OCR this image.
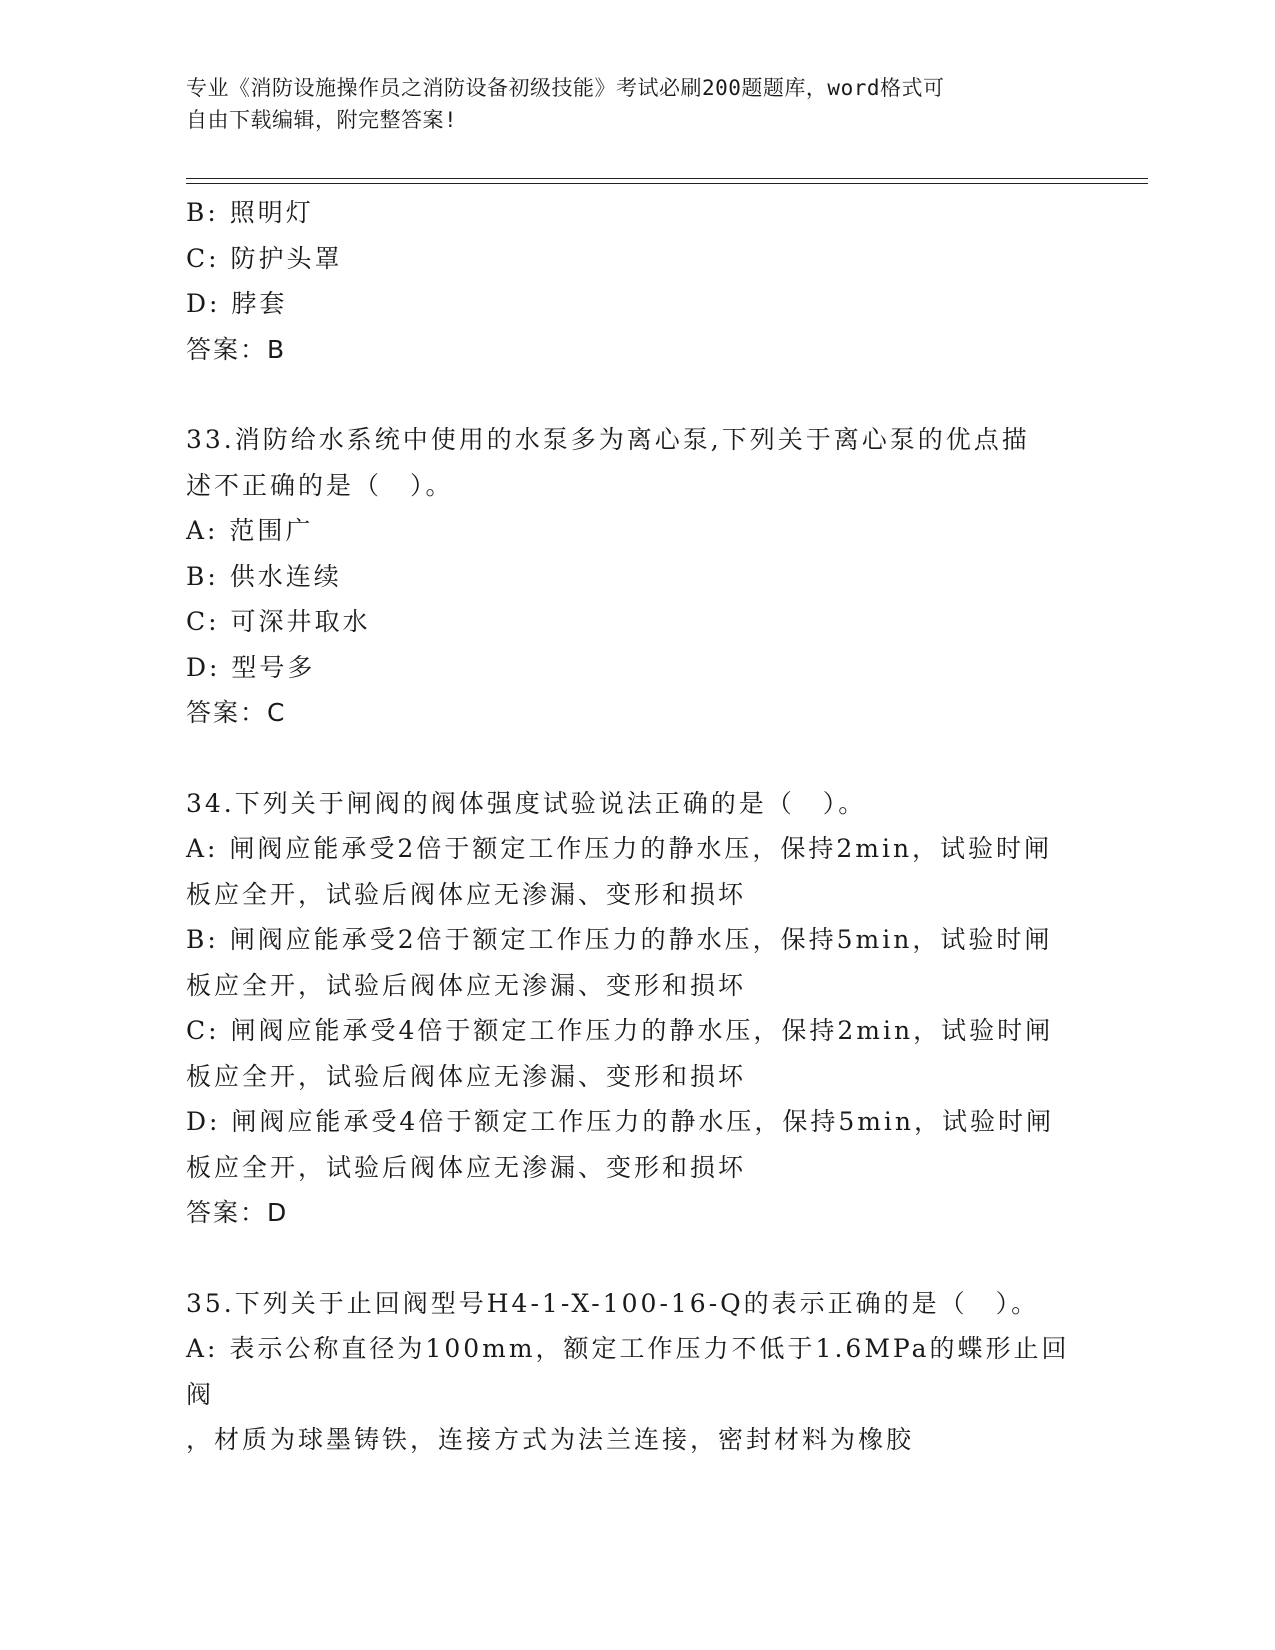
专业《消防设施操作员之消防设备初级技能》考试必刷200题题库，word格式可
自由下载编辑，附完整答案!
B: 照明灯
C: 防护头罩
D: 脖套
答案：B
33.消防给水系统中使用的水泵多为离心泵,下列关于离心泵的优点描
述不正确的是（　）。
A: 范围广
B: 供水连续
C: 可深井取水
D: 型号多
答案：C
34.下列关于闸阀的阀体强度试验说法正确的是（　）。
A: 闸阀应能承受2倍于额定工作压力的静水压，保持2min，试验时闸
板应全开，试验后阀体应无渗漏、变形和损坏
B: 闸阀应能承受2倍于额定工作压力的静水压，保持5min，试验时闸
板应全开，试验后阀体应无渗漏、变形和损坏
C: 闸阀应能承受4倍于额定工作压力的静水压，保持2min，试验时闸
板应全开，试验后阀体应无渗漏、变形和损坏
D: 闸阀应能承受4倍于额定工作压力的静水压，保持5min，试验时闸
板应全开，试验后阀体应无渗漏、变形和损坏
答案：D
35.下列关于止回阀型号H4-1-X-100-16-Q的表示正确的是（　）。
A: 表示公称直径为100mm，额定工作压力不低于1.6MPa的蝶形止回阀
，材质为球墨铸铁，连接方式为法兰连接，密封材料为橡胶
